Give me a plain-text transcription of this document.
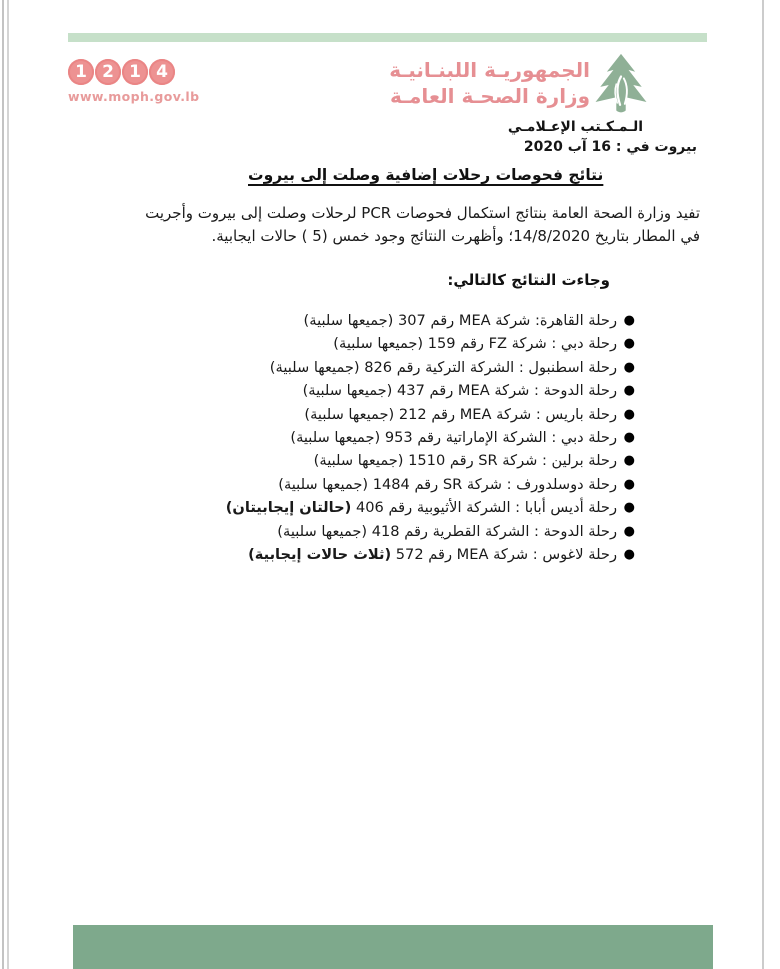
1 2 1 4
www.moph.gov.lb
الجمهوريـة اللبنـانيـة
وزارة الصحـة العامـة
الـمـكـتب الإعـلامـي
بيروت في : 16 آب 2020
نتائج فحوصات رحلات إضافية وصلت إلى بيروت
تفيد وزارة الصحة العامة بنتائج استكمال فحوصات PCR لرحلات وصلت إلى بيروت وأجريت
في المطار بتاريخ 14/8/2020؛ وأظهرت النتائج وجود خمس (5 ) حالات ايجابية.
وجاءت النتائج كالتالي:
●رحلة القاهرة: شركة MEA رقم 307 (جميعها سلبية)
●رحلة دبي : شركة FZ رقم 159 (جميعها سلبية)
●رحلة اسطنبول : الشركة التركية رقم 826 (جميعها سلبية)
●رحلة الدوحة : شركة MEA رقم 437 (جميعها سلبية)
●رحلة باريس : شركة MEA رقم 212 (جميعها سلبية)
●رحلة دبي : الشركة الإماراتية رقم 953 (جميعها سلبية)
●رحلة برلين : شركة SR رقم 1510 (جميعها سلبية)
●رحلة دوسلدورف : شركة SR رقم 1484 (جميعها سلبية)
●رحلة أديس أبابا : الشركة الأثيوبية رقم 406 (حالتان إيجابيتان)
●رحلة الدوحة : الشركة القطرية رقم 418 (جميعها سلبية)
●رحلة لاغوس : شركة MEA رقم 572 (ثلاث حالات إيجابية)
